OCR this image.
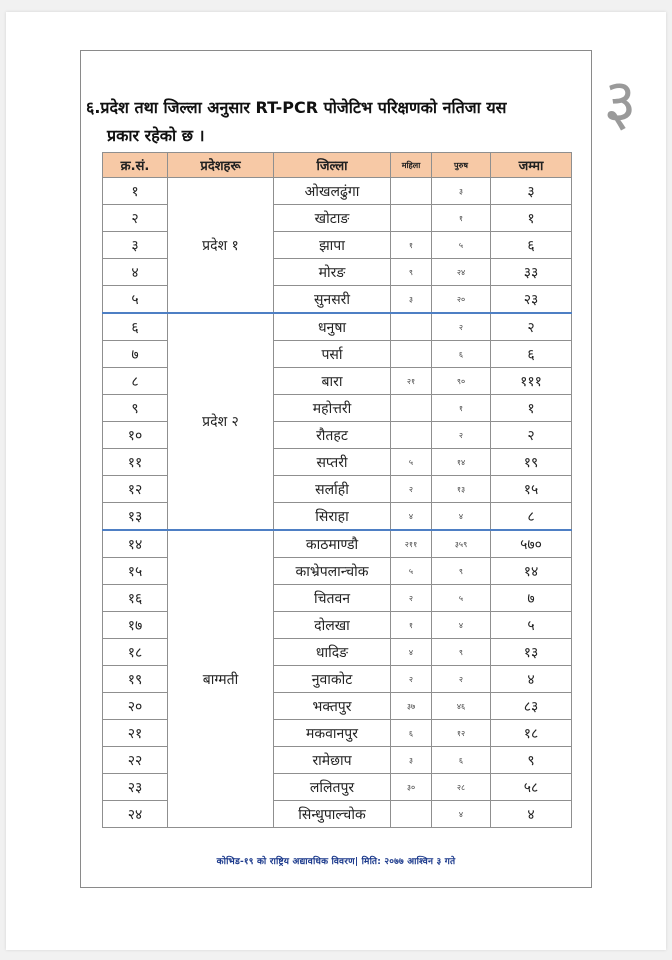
३
६.प्रदेश तथा जिल्ला अनुसार RT-PCR पोजेटिभ परिक्षणको नतिजा यस
प्रकार रहेको छ ।
क्र.सं.	प्रदेशहरू	जिल्ला	महिला	पुरुष	जम्मा
१	प्रदेश १	ओखलढुंगा		३	३
२		खोटाङ		१	१
३		झापा	१	५	६
४		मोरङ	९	२४	३३
५		सुनसरी	३	२०	२३
६	प्रदेश २	धनुषा		२	२
७		पर्सा		६	६
८		बारा	२१	९०	१११
९		महोत्तरी		१	१
१०		रौतहट		२	२
११		सप्तरी	५	१४	१९
१२		सर्लाही	२	१३	१५
१३		सिराहा	४	४	८
१४	बाग्मती	काठमाण्डौ	२११	३५९	५७०
१५		काभ्रेपलान्चोक	५	९	१४
१६		चितवन	२	५	७
१७		दोलखा	१	४	५
१८		धादिङ	४	९	१३
१९		नुवाकोट	२	२	४
२०		भक्तपुर	३७	४६	८३
२१		मकवानपुर	६	१२	१८
२२		रामेछाप	३	६	९
२३		ललितपुर	३०	२८	५८
२४		सिन्धुपाल्चोक		४	४
कोभिड-१९ को राष्ट्रिय अद्यावधिक विवरण| मिति: २०७७ आश्विन ३ गते
